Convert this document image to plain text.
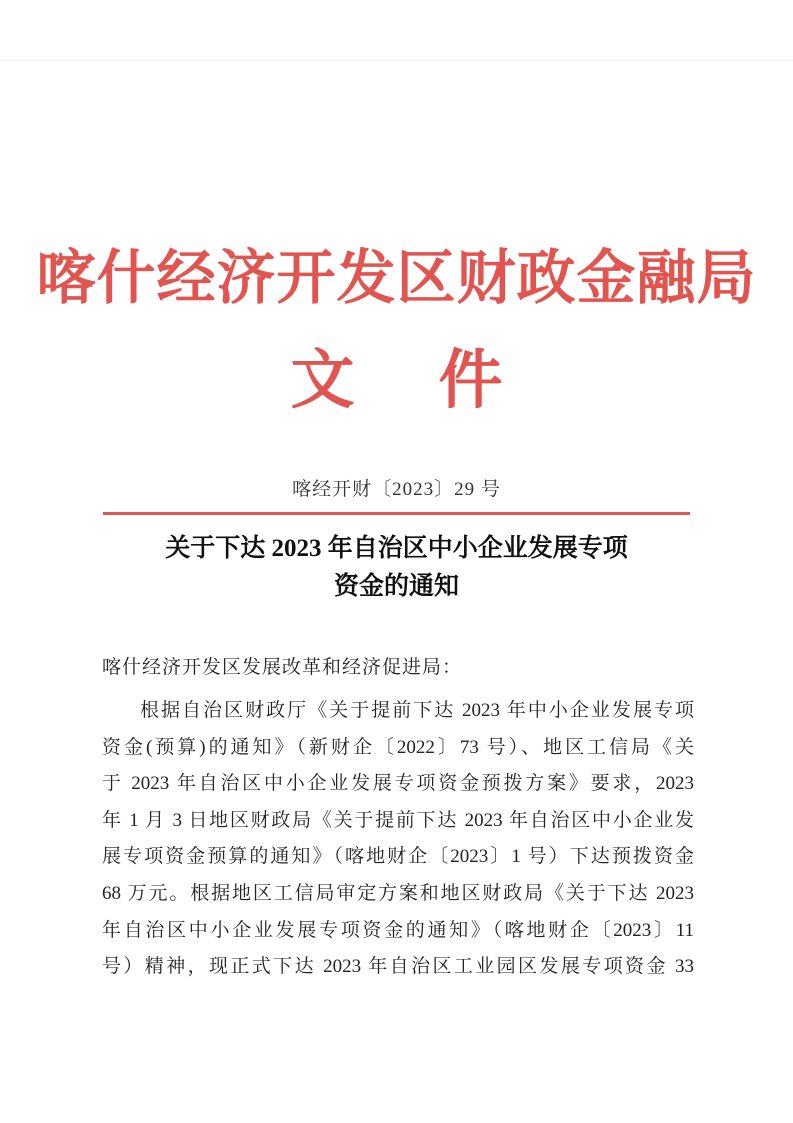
喀什经济开发区财政金融局
文 件
喀经开财〔2023〕29 号
关于下达 2023 年自治区中小企业发展专项
资金的通知
喀什经济开发区发展改革和经济促进局：
根据自治区财政厅《关于提前下达 2023 年中小企业发展专项
资金(预算)的通知》（新财企〔2022〕73 号）、地区工信局《关
于 2023 年自治区中小企业发展专项资金预拨方案》要求，2023
年 1 月 3 日地区财政局《关于提前下达 2023 年自治区中小企业发
展专项资金预算的通知》（喀地财企〔2023〕1 号）下达预拨资金
68 万元。根据地区工信局审定方案和地区财政局《关于下达 2023
年自治区中小企业发展专项资金的通知》（喀地财企〔2023〕11
号）精神，现正式下达 2023 年自治区工业园区发展专项资金 33
